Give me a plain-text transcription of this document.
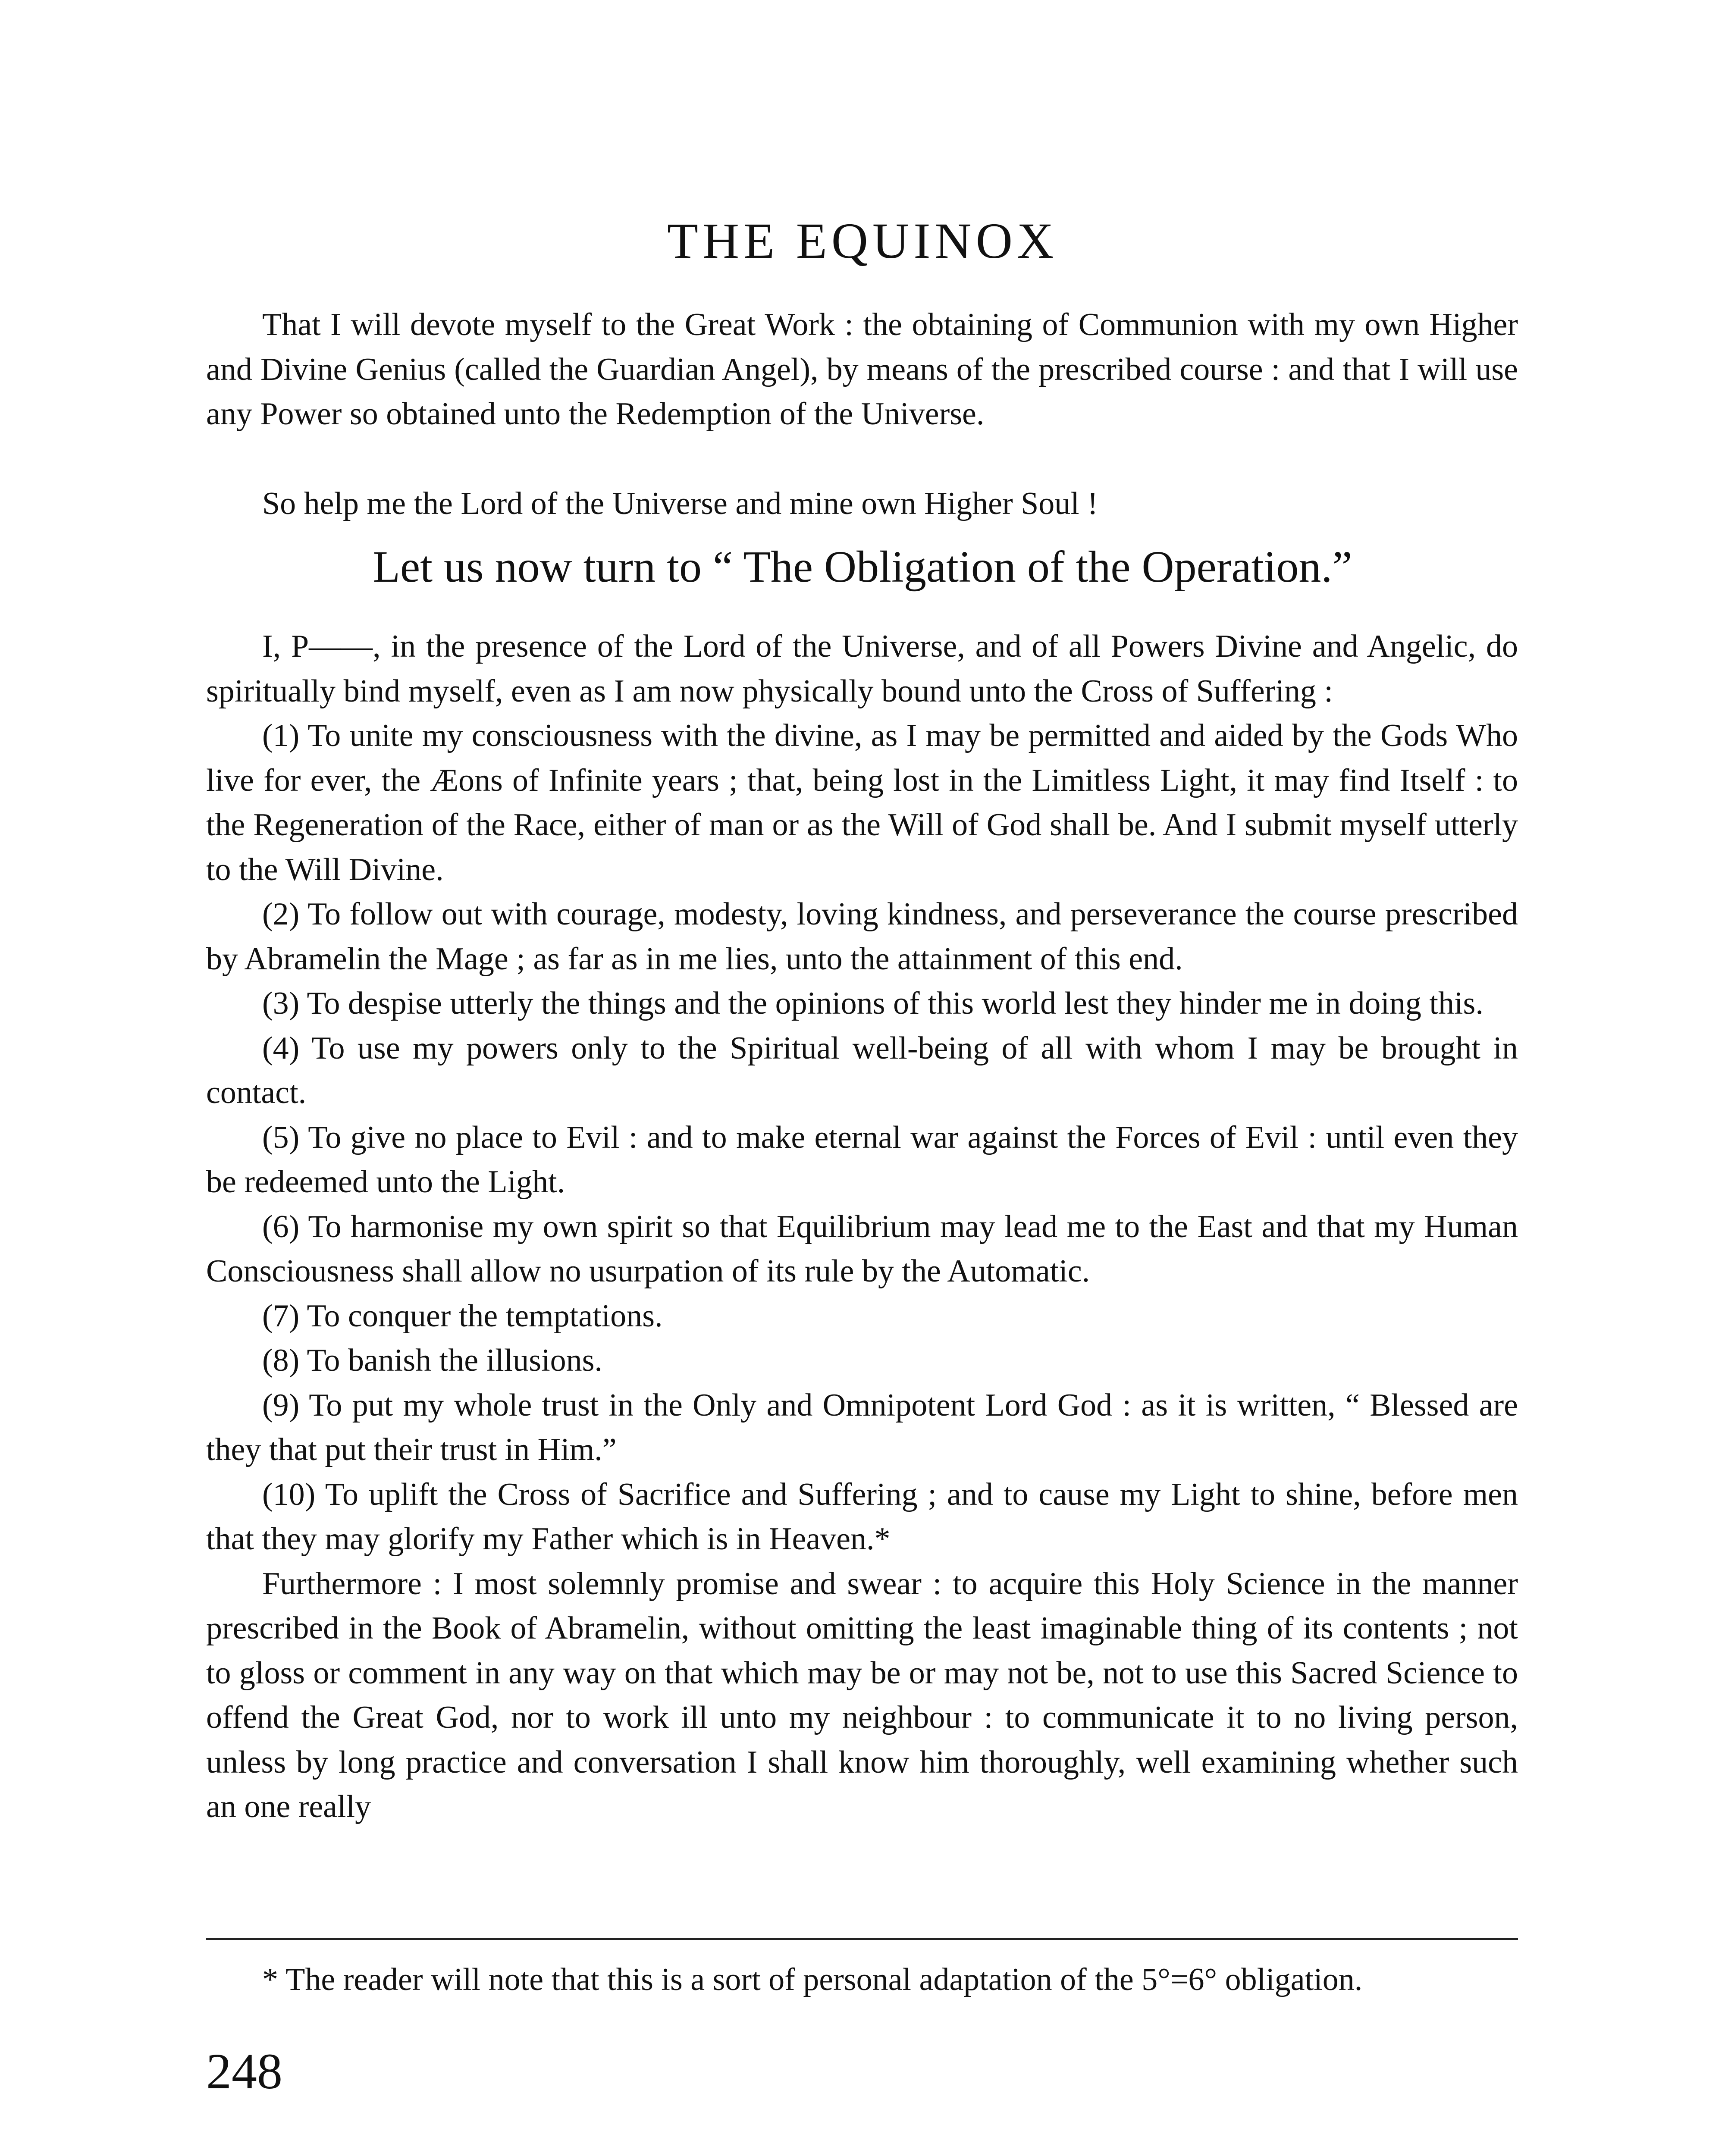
THE EQUINOX

That I will devote myself to the Great Work : the obtaining of Communion with my own Higher and Divine Genius (called the Guardian Angel), by means of the prescribed course : and that I will use any Power so obtained unto the Redemption of the Universe.

So help me the Lord of the Universe and mine own Higher Soul !

Let us now turn to “ The Obligation of the Operation.”

I, P——, in the presence of the Lord of the Universe, and of all Powers Divine and Angelic, do spiritually bind myself, even as I am now physically bound unto the Cross of Suffering :

(1) To unite my consciousness with the divine, as I may be permitted and aided by the Gods Who live for ever, the Æons of Infinite years ; that, being lost in the Limitless Light, it may find Itself : to the Regeneration of the Race, either of man or as the Will of God shall be. And I submit myself utterly to the Will Divine.

(2) To follow out with courage, modesty, loving kindness, and perseverance the course prescribed by Abramelin the Mage ; as far as in me lies, unto the attainment of this end.

(3) To despise utterly the things and the opinions of this world lest they hinder me in doing this.

(4) To use my powers only to the Spiritual well-being of all with whom I may be brought in contact.

(5) To give no place to Evil : and to make eternal war against the Forces of Evil : until even they be redeemed unto the Light.

(6) To harmonise my own spirit so that Equilibrium may lead me to the East and that my Human Consciousness shall allow no usurpation of its rule by the Automatic.

(7) To conquer the temptations.

(8) To banish the illusions.

(9) To put my whole trust in the Only and Omnipotent Lord God : as it is written, “ Blessed are they that put their trust in Him.”

(10) To uplift the Cross of Sacrifice and Suffering ; and to cause my Light to shine, before men that they may glorify my Father which is in Heaven.*

Furthermore : I most solemnly promise and swear : to acquire this Holy Science in the manner prescribed in the Book of Abramelin, without omitting the least imaginable thing of its contents ; not to gloss or comment in any way on that which may be or may not be, not to use this Sacred Science to offend the Great God, nor to work ill unto my neighbour : to communicate it to no living person, unless by long practice and conversation I shall know him thoroughly, well examining whether such an one really

* The reader will note that this is a sort of personal adaptation of the 5°=6° obligation.

248
